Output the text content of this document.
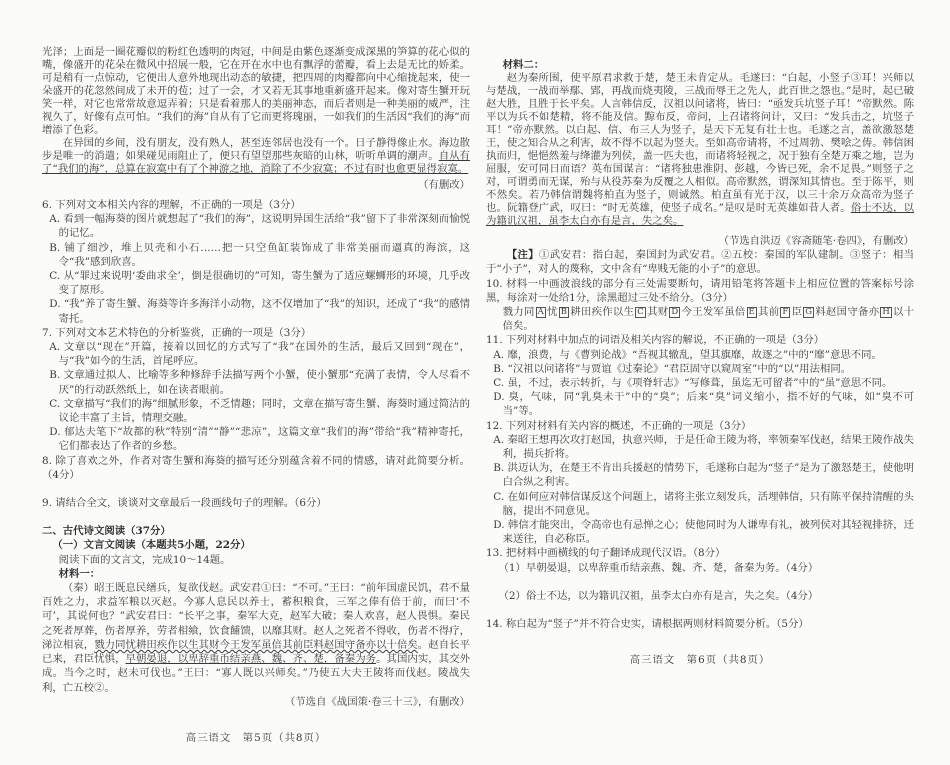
光泽；上面是一圈花瓣似的粉红色透明的肉冠，中间是由紫色逐渐变成深黑的笋算的花心似的嘴，像盛开的花朵在微风中招展一般，它在开在水中也有飘浮的蕾瓣，看上去是无比的娇柔。可是稍有一点惊动，它便出人意外地现出动态的敏捷，把四周的肉瓣都向中心缩拢起来，使一朵盛开的花忽然间成了未开的苞；过了一会，才又若无其事地重新盛开起来。像对寄生蟹开玩笑一样，对它也常常故意逗弄着；只是看着那人的美丽神态，而后者则是一种美丽的威严，注视久了，好像有点可怕。“我们的海”自从有了它而更将瑰丽，一如我们的生活因“我们的海”而增添了色彩。

在异国的乡间，没有朋友，没有熟人，甚至连邻居也没有一个。日子静得像止水。海边散步是唯一的消遣；如果碰见雨阻止了，便只有望望那些灰暗的山林，听听单调的潮声。自从有了“我们的海”，总算在寂寞中有了个神游之地，消除了不少寂寞；不过有时也愈更显得寂寞。

（有删改）

6. 下列对文本相关内容的理解，不正确的一项是（3分）

A. 看到一幅海葵的图片就想起了“我们的海”，这说明异国生活给“我”留下了非常深刻而愉悦的记忆。

B. 铺了细沙，堆上贝壳和小石……把一只空鱼缸装饰成了非常美丽而逼真的海滨，这令“我”感到欣喜。

C. 从“罪过来说明‘委曲求全’，倒是很确切的”可知，寄生蟹为了适应螺蛳形的环境，几乎改变了原形。

D. “我”养了寄生蟹、海葵等许多海洋小动物，这不仅增加了“我”的知识，还成了“我”的感情寄托。

7. 下列对文本艺术特色的分析鉴赏，正确的一项是（3分）

A. 文章以“现在”开篇，接着以回忆的方式写了“我”在国外的生活，最后又回到“现在”，与“我”如今的生活，首尾呼应。

B. 文章通过拟人、比喻等多种修辞手法描写两个小蟹，使小蟹那“充满了表情，令人尽看不厌”的行动跃然纸上，如在读者眼前。

C. 文章描写“我们的海”细腻形象，不乏情趣；同时，文章在描写寄生蟹、海葵时通过简洁的议论丰富了主旨，情理交融。

D. 郁达夫笔下“故都的秋”特别“清”“静”“悲凉”，这篇文章“我们的海”带给“我”精神寄托，它们都表达了作者的乡愁。

8. 除了喜欢之外，作者对寄生蟹和海葵的描写还分别蕴含着不同的情感，请对此简要分析。（4分）

9. 请结合全文，谈谈对文章最后一段画线句子的理解。（6分）

二、古代诗文阅读（37分）

（一）文言文阅读（本题共5小题，22分）

阅读下面的文言文，完成10～14题。

材料一：

（秦）昭王既息民缮兵，复欲伐赵。武安君①曰：“不可。”王曰：“前年国虚民饥，君不量百姓之力，求益军粮以灭赵。今寡人息民以养士，蓄积粮食，三军之俸有倍于前，而曰‘不可’，其说何也？”武安君曰：“长平之事，秦军大克，赵军大破；秦人欢喜，赵人畏惧。秦民之死者厚葬，伤者厚养，劳者相飨，饮食餔馈，以靡其财。赵人之死者不得收，伤者不得疗，涕泣相哀，戮力同忧耕田疾作以生其财今王发军虽倍其前臣料赵国守备亦以十倍矣。赵自长平已来，君臣忧惧，早朝晏退，以卑辞重币结亲燕、魏、齐、楚，备秦为务。其国内实，其交外成。当今之时，赵未可伐也。”王曰：“寡人既以兴师矣。”乃使五大夫王陵将而伐赵。陵战失利，亡五校②。

（节选自《战国策·卷三十三》，有删改）

高三语文　第5页（共8页）

材料二：

赵为秦所围，使平原君求救于楚，楚王未肯定从。毛遂曰：“白起，小竖子③耳！兴师以与楚战，一战而举鄢、郢，再战而烧夷陵，三战而辱王之先人，此百世之怨也。”是时，起已破赵大胜，且胜于长平矣。人言韩信反，汉祖以问诸将，皆曰：“亟发兵坑竖子耳！”帝默然。陈平以为兵不如楚精，将不能及信。黥布反，帝问，上召诸将问计，又曰：“发兵击之，坑竖子耳！”帝亦默然。以白起、信、布三人为竖子，是天下无复有壮士也。毛遂之言，盖欲激怒楚王，使之知合从之利害，故不得不以起为竖夫。至如高帝请将，不过周勃、樊哙之俦。韩信困执而归，悒悒然羞与绛灌为列侯，盖一匹夫也，而诸将轻视之，况于独有全楚万乘之地，岂为屈服，安可同日而语？英布国谋言：“诸将独患淮阴、彭越，今皆已死，余不足畏。”则竖子之对，可谓勇而无谋，殆与从役苏秦为反覆之人相似。高帝默然，谓深知其情也。至于陈平，则不然矣。若乃韩信谓魏将柏直为竖子，则诚然。柏直虽有光于汉，以三十余万众高帝为竖子也。阮籍登广武，叹曰：“时无英雄，使竖子成名。”是叹是时无英雄如昔人者。俗士不达，以为籍讥汉祖，虽李太白亦有是言，失之矣。

（节选自洪迈《容斋随笔·卷四》，有删改）

【注】①武安君：指白起，秦国封为武安君。②五校：秦国的军队建制。③竖子：相当于“小子”，对人的蔑称，文中含有“卑贱无能的小子”的意思。

10. 材料一中画波浪线的部分有三处需要断句，请用铅笔将答题卡上相应位置的答案标号涂黑，每涂对一处给1分，涂黑超过三处不给分。（3分）

戮力同 A 忧 B 耕田疾作以生 C 其财 D 今王发军虽倍 E 其前 F 臣 G 料赵国守备亦 H 以十倍矣。

11. 下列对材料中加点的词语及相关内容的解说，不正确的一项是（3分）

A. 靡，浪费，与《曹刿论战》“吾视其辙乱，望其旗靡，故逐之”中的“靡”意思不同。

B. “汉祖以问诸将”与贾谊《过秦论》“君臣固守以窥周室”中的“以”用法相同。

C. 虽，不过，表示转折，与《项脊轩志》“写修葺，虽迄无可留者”中的“虽”意思不同。

D. 臭，气味，同“乳臭未干”中的“臭”；后来“臭”词义缩小，指不好的气味，如“臭不可当”等。

12. 下列对材料有关内容的概述，不正确的一项是（3分）

A. 秦昭王想再次攻打赵国，执意兴师，于是任命王陵为将，率领秦军伐赵，结果王陵作战失利，损兵折将。

B. 洪迈认为，在楚王不肯出兵援赵的情势下，毛遂称白起为“竖子”是为了激怒楚王，使他明白合纵之利害。

C. 在如何应对韩信谋反这个问题上，诸将主张立刻发兵，活埋韩信，只有陈平保持清醒的头脑，提出不同意见。

D. 韩信才能突出，令高帝也有忌惮之心；使他同时为人谦卑有礼，被列侯对其轻视排挤，迁来送往，自必称臣。

13. 把材料中画横线的句子翻译成现代汉语。（8分）

（1）早朝晏退，以卑辞重币结亲燕、魏、齐、楚，备秦为务。（4分）

（2）俗士不达，以为籍讥汉祖，虽李太白亦有是言，失之矣。（4分）

14. 称白起为“竖子”并不符合史实，请根据两则材料简要分析。（5分）

高三语文　第6页（共8页）
